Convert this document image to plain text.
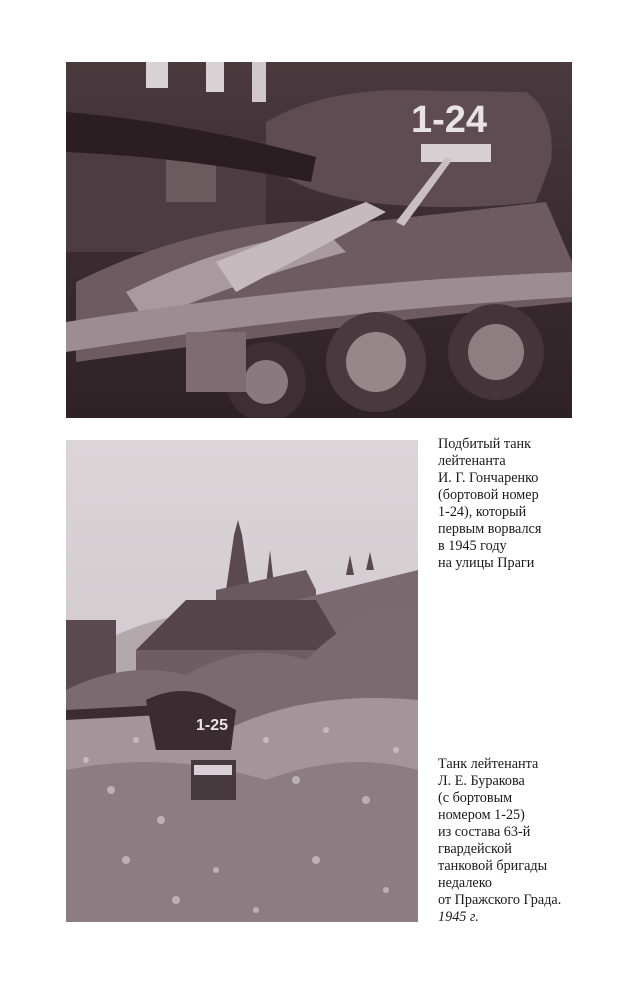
1-24
1-25
Подбитый танк
лейтенанта
И. Г. Гончаренко
(бортовой номер
1-24), который
первым ворвался
в 1945 году
на улицы Праги
Танк лейтенанта
Л. Е. Буракова
(с бортовым
номером 1-25)
из состава 63-й
гвардейской
танковой бригады
недалеко
от Пражского Града.
1945 г.
